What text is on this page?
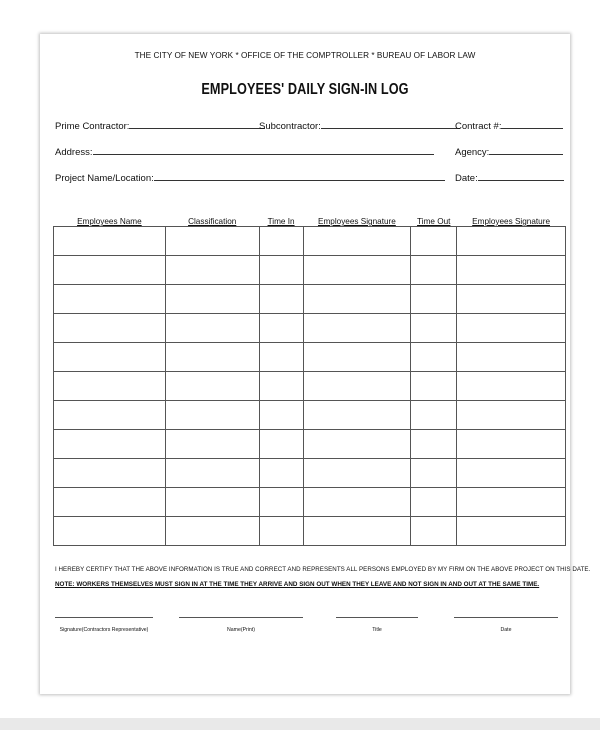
THE CITY OF NEW YORK * OFFICE OF THE COMPTROLLER * BUREAU OF LABOR LAW
EMPLOYEES' DAILY SIGN-IN LOG
Prime Contractor:	Subcontractor:	Contract #:
Address:	Agency:
Project Name/Location:	Date:
Employees Name	Classification	Time In	Employees Signature	Time Out	Employees Signature

I HEREBY CERTIFY THAT THE ABOVE INFORMATION IS TRUE AND CORRECT AND REPRESENTS ALL PERSONS EMPLOYED BY MY FIRM ON THE ABOVE PROJECT ON THIS DATE.
NOTE: WORKERS THEMSELVES MUST SIGN IN AT THE TIME THEY ARRIVE AND SIGN OUT WHEN THEY LEAVE AND NOT SIGN IN AND OUT AT THE SAME TIME.
Signature(Contractors Representative)	Name(Print)	Title	Date
